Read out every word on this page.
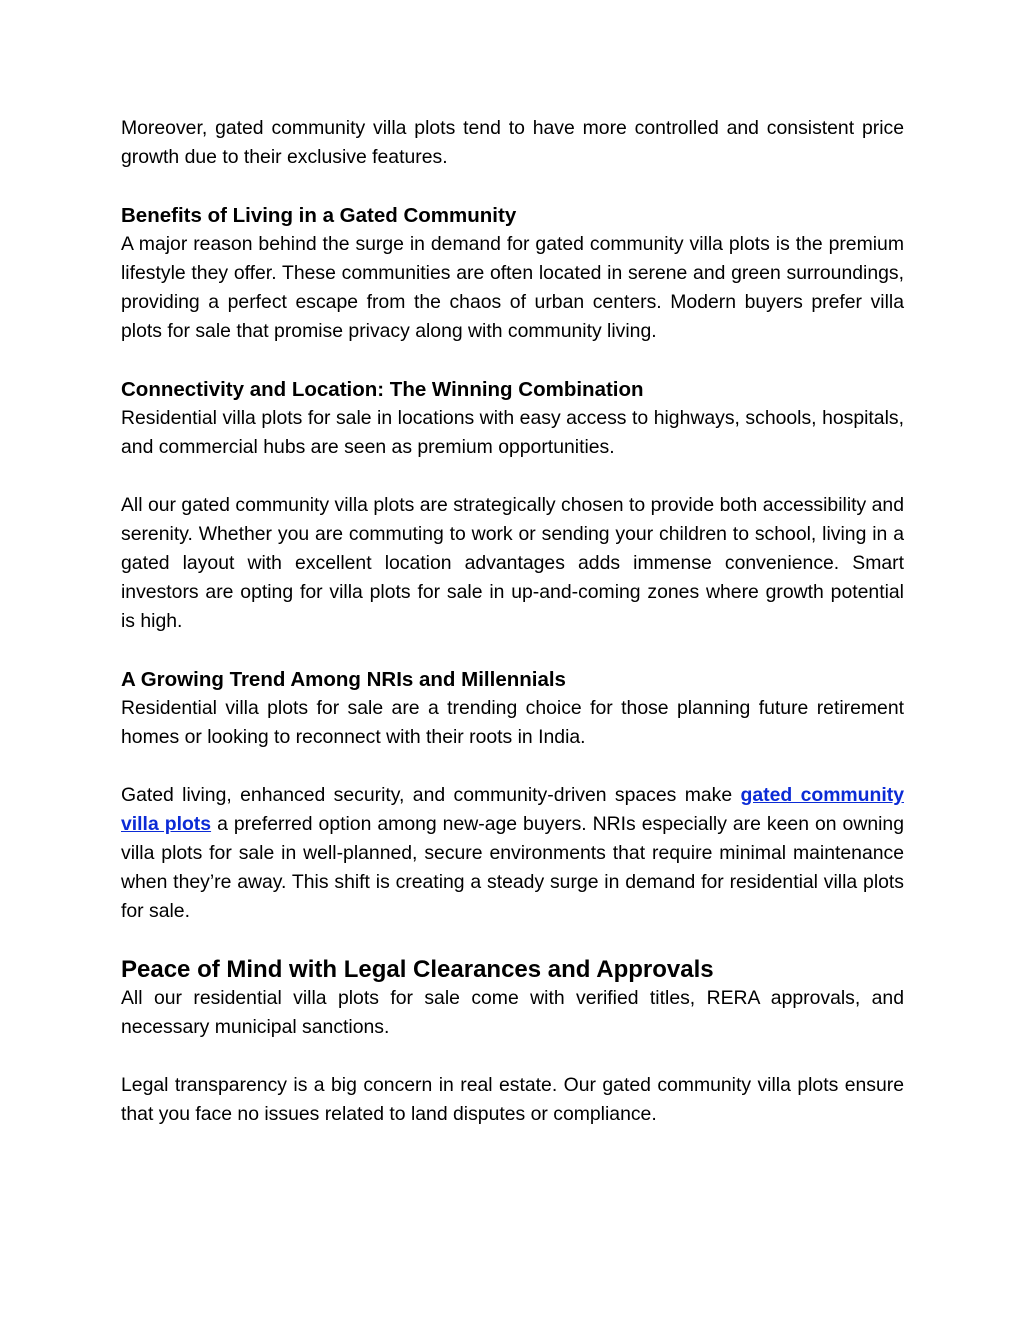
Moreover, gated community villa plots tend to have more controlled and consistent price growth due to their exclusive features.

Benefits of Living in a Gated Community

A major reason behind the surge in demand for gated community villa plots is the premium lifestyle they offer. These communities are often located in serene and green surroundings, providing a perfect escape from the chaos of urban centers. Modern buyers prefer villa plots for sale that promise privacy along with community living.

Connectivity and Location: The Winning Combination

Residential villa plots for sale in locations with easy access to highways, schools, hospitals, and commercial hubs are seen as premium opportunities.

All our gated community villa plots are strategically chosen to provide both accessibility and serenity. Whether you are commuting to work or sending your children to school, living in a gated layout with excellent location advantages adds immense convenience. Smart investors are opting for villa plots for sale in up-and-coming zones where growth potential is high.

A Growing Trend Among NRIs and Millennials

Residential villa plots for sale are a trending choice for those planning future retirement homes or looking to reconnect with their roots in India.

Gated living, enhanced security, and community-driven spaces make gated community villa plots a preferred option among new-age buyers. NRIs especially are keen on owning villa plots for sale in well-planned, secure environments that require minimal maintenance when they’re away. This shift is creating a steady surge in demand for residential villa plots for sale.

Peace of Mind with Legal Clearances and Approvals

All our residential villa plots for sale come with verified titles, RERA approvals, and necessary municipal sanctions.

Legal transparency is a big concern in real estate. Our gated community villa plots ensure that you face no issues related to land disputes or compliance.
